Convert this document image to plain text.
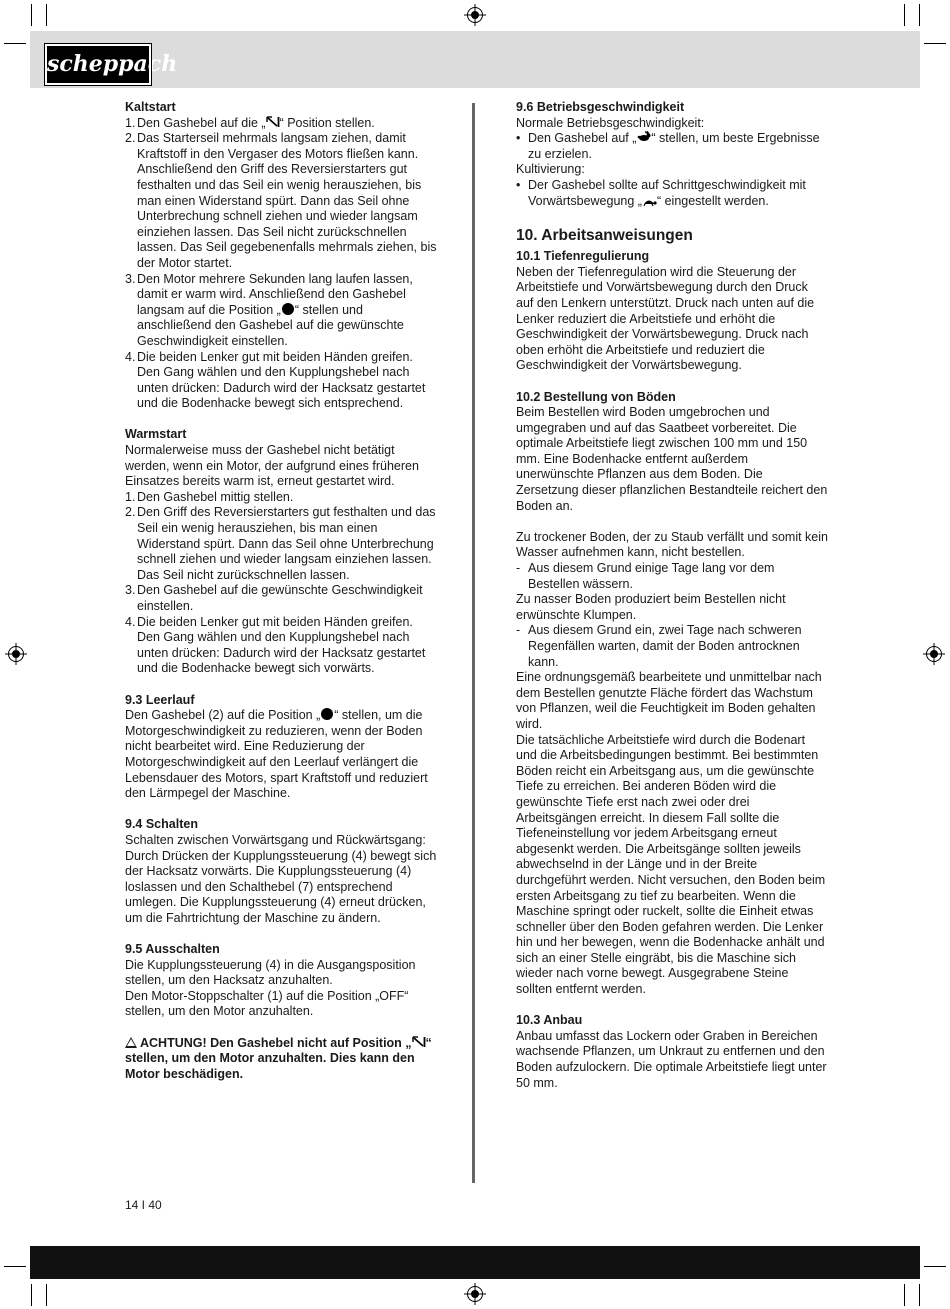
scheppach
Kaltstart
1. Den Gashebel auf die „ “ Position stellen.
2. Das Starterseil mehrmals langsam ziehen, damit Kraftstoff in den Vergaser des Motors fließen kann. Anschließend den Griff des Reversierstarters gut festhalten und das Seil ein wenig herausziehen, bis man einen Widerstand spürt. Dann das Seil ohne Unterbrechung schnell ziehen und wieder langsam einziehen lassen. Das Seil nicht zurückschnellen lassen. Das Seil gegebenenfalls mehrmals ziehen, bis der Motor startet.
3. Den Motor mehrere Sekunden lang laufen lassen, damit er warm wird. Anschließend den Gashebel langsam auf die Position „ “ stellen und anschließend den Gashebel auf die gewünschte Geschwindigkeit einstellen.
4. Die beiden Lenker gut mit beiden Händen greifen. Den Gang wählen und den Kupplungshebel nach unten drücken: Dadurch wird der Hacksatz gestartet und die Bodenhacke bewegt sich entsprechend.
Warmstart

Normalerweise muss der Gashebel nicht betätigt werden, wenn ein Motor, der aufgrund eines früheren Einsatzes bereits warm ist, erneut gestartet wird.

1. Den Gashebel mittig stellen.
2. Den Griff des Reversierstarters gut festhalten und das Seil ein wenig herausziehen, bis man einen Widerstand spürt. Dann das Seil ohne Unterbrechung schnell ziehen und wieder langsam einziehen lassen. Das Seil nicht zurückschnellen lassen.
3. Den Gashebel auf die gewünschte Geschwindigkeit einstellen.
4. Die beiden Lenker gut mit beiden Händen greifen. Den Gang wählen und den Kupplungshebel nach unten drücken: Dadurch wird der Hacksatz gestartet und die Bodenhacke bewegt sich vorwärts.
9.3 Leerlauf

Den Gashebel (2) auf die Position „ “ stellen, um die Motorgeschwindigkeit zu reduzieren, wenn der Boden nicht bearbeitet wird. Eine Reduzierung der Motorgeschwindigkeit auf den Leerlauf verlängert die Lebensdauer des Motors, spart Kraftstoff und reduziert den Lärmpegel der Maschine.

9.4 Schalten

Schalten zwischen Vorwärtsgang und Rückwärtsgang:

Durch Drücken der Kupplungssteuerung (4) bewegt sich der Hacksatz vorwärts. Die Kupplungssteuerung (4) loslassen und den Schalthebel (7) entsprechend umlegen. Die Kupplungssteuerung (4) erneut drücken, um die Fahrtrichtung der Maschine zu ändern.

9.5 Ausschalten

Die Kupplungssteuerung (4) in die Ausgangsposition stellen, um den Hacksatz anzuhalten.

Den Motor-Stoppschalter (1) auf die Position „OFF“ stellen, um den Motor anzuhalten.

ACHTUNG! Den Gashebel nicht auf Position „ “ stellen, um den Motor anzuhalten. Dies kann den Motor beschädigen.

9.6 Betriebsgeschwindigkeit

Normale Betriebsgeschwindigkeit:

• Den Gashebel auf „ “ stellen, um beste Ergebnisse zu erzielen.

Kultivierung:

• Der Gashebel sollte auf Schrittgeschwindigkeit mit Vorwärtsbewegung „ “ eingestellt werden.
10. Arbeitsanweisungen
10.1 Tiefenregulierung

Neben der Tiefenregulation wird die Steuerung der Arbeitstiefe und Vorwärtsbewegung durch den Druck auf den Lenkern unterstützt. Druck nach unten auf die Lenker reduziert die Arbeitstiefe und erhöht die Geschwindigkeit der Vorwärtsbewegung. Druck nach oben erhöht die Arbeitstiefe und reduziert die Geschwindigkeit der Vorwärtsbewegung.

10.2 Bestellung von Böden

Beim Bestellen wird Boden umgebrochen und umgegraben und auf das Saatbeet vorbereitet. Die optimale Arbeitstiefe liegt zwischen 100 mm und 150 mm. Eine Bodenhacke entfernt außerdem unerwünschte Pflanzen aus dem Boden. Die Zersetzung dieser pflanzlichen Bestandteile reichert den Boden an.

Zu trockener Boden, der zu Staub verfällt und somit kein Wasser aufnehmen kann, nicht bestellen.

- Aus diesem Grund einige Tage lang vor dem Bestellen wässern.

Zu nasser Boden produziert beim Bestellen nicht erwünschte Klumpen.

- Aus diesem Grund ein, zwei Tage nach schweren Regenfällen warten, damit der Boden antrocknen kann.

Eine ordnungsgemäß bearbeitete und unmittelbar nach dem Bestellen genutzte Fläche fördert das Wachstum von Pflanzen, weil die Feuchtigkeit im Boden gehalten wird.

Die tatsächliche Arbeitstiefe wird durch die Bodenart und die Arbeitsbedingungen bestimmt. Bei bestimmten Böden reicht ein Arbeitsgang aus, um die gewünschte Tiefe zu erreichen. Bei anderen Böden wird die gewünschte Tiefe erst nach zwei oder drei Arbeitsgängen erreicht. In diesem Fall sollte die Tiefeneinstellung vor jedem Arbeitsgang erneut abgesenkt werden. Die Arbeitsgänge sollten jeweils abwechselnd in der Länge und in der Breite durchgeführt werden. Nicht versuchen, den Boden beim ersten Arbeitsgang zu tief zu bearbeiten. Wenn die Maschine springt oder ruckelt, sollte die Einheit etwas schneller über den Boden gefahren werden. Die Lenker hin und her bewegen, wenn die Bodenhacke anhält und sich an einer Stelle eingräbt, bis die Maschine sich wieder nach vorne bewegt. Ausgegrabene Steine sollten entfernt werden.

10.3 Anbau

Anbau umfasst das Lockern oder Graben in Bereichen wachsende Pflanzen, um Unkraut zu entfernen und den Boden aufzulockern. Die optimale Arbeitstiefe liegt unter 50 mm.

14 I 40
